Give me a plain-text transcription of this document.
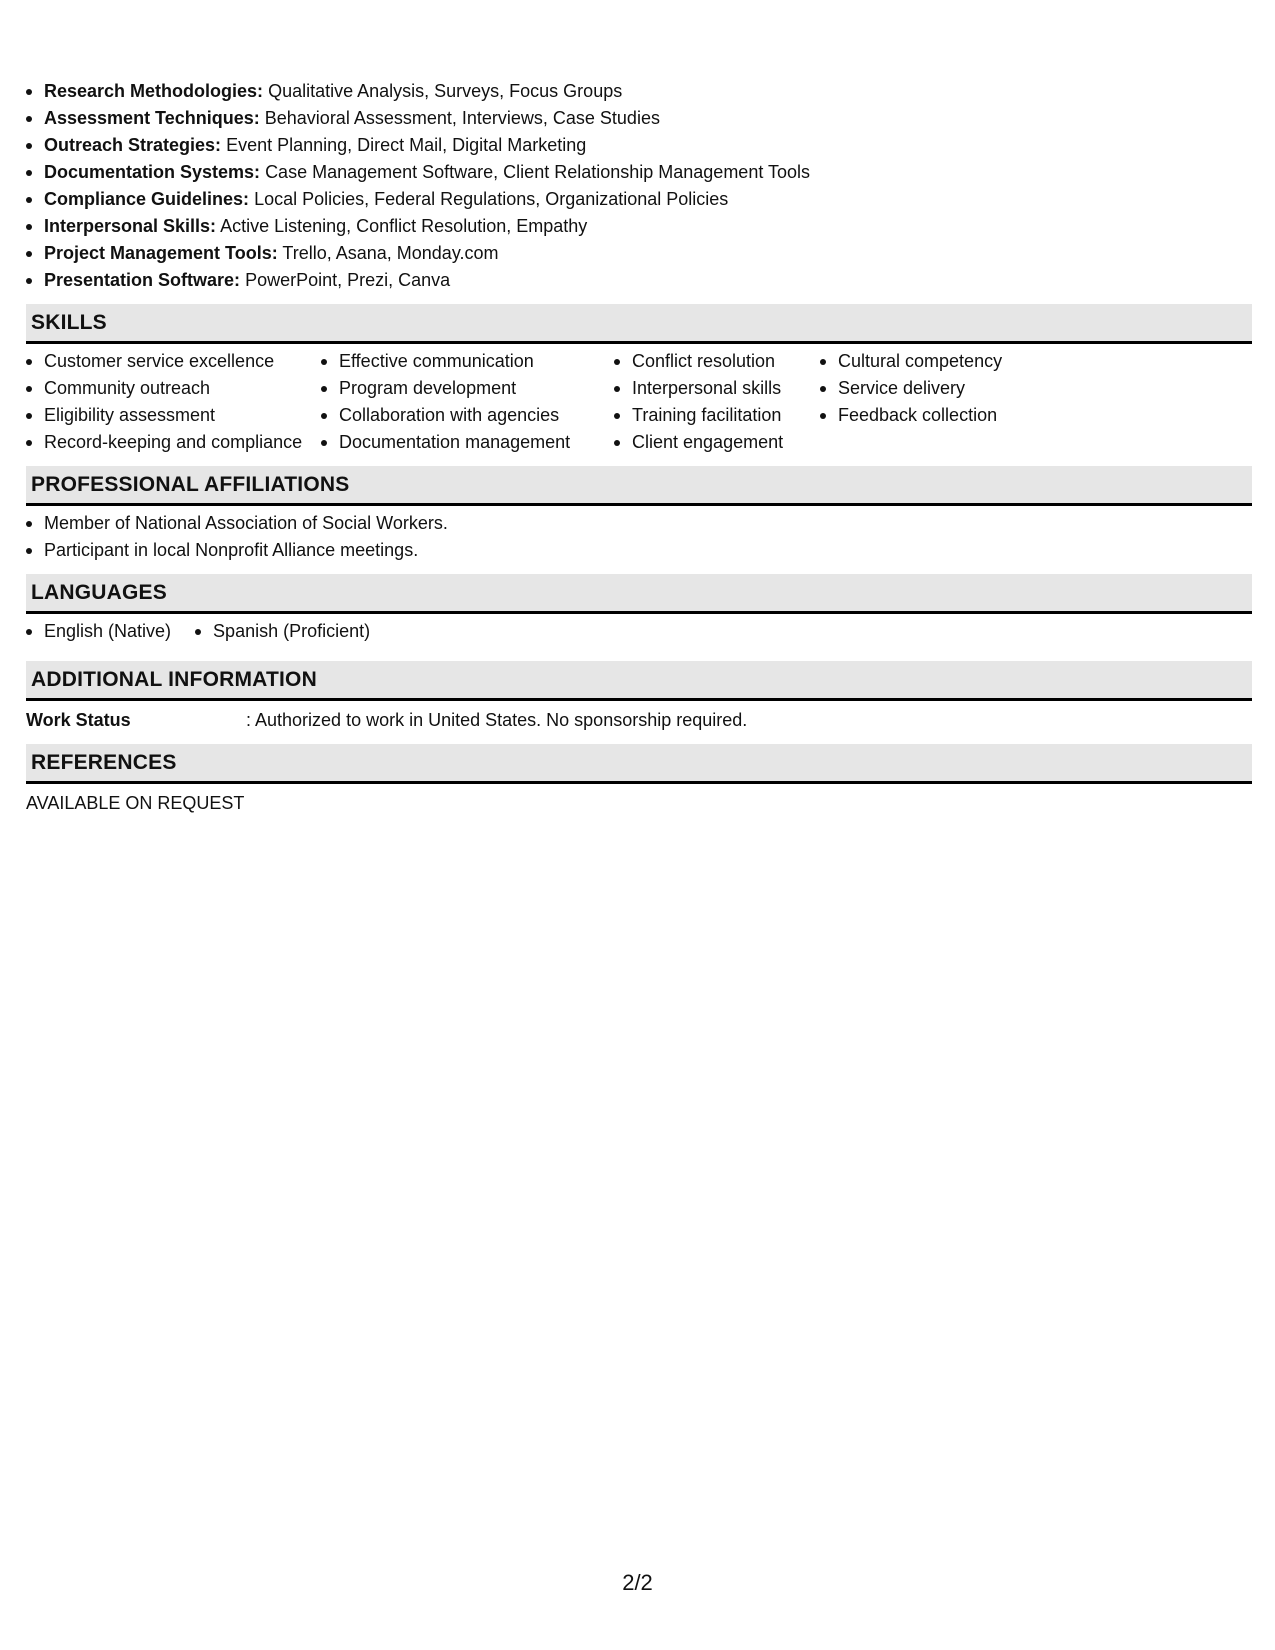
Research Methodologies: Qualitative Analysis, Surveys, Focus Groups
Assessment Techniques: Behavioral Assessment, Interviews, Case Studies
Outreach Strategies: Event Planning, Direct Mail, Digital Marketing
Documentation Systems: Case Management Software, Client Relationship Management Tools
Compliance Guidelines: Local Policies, Federal Regulations, Organizational Policies
Interpersonal Skills: Active Listening, Conflict Resolution, Empathy
Project Management Tools: Trello, Asana, Monday.com
Presentation Software: PowerPoint, Prezi, Canva
SKILLS
Customer service excellence
Community outreach
Eligibility assessment
Record-keeping and compliance
Effective communication
Program development
Collaboration with agencies
Documentation management
Conflict resolution
Interpersonal skills
Training facilitation
Client engagement
Cultural competency
Service delivery
Feedback collection
PROFESSIONAL AFFILIATIONS
Member of National Association of Social Workers.
Participant in local Nonprofit Alliance meetings.
LANGUAGES
English (Native)	Spanish (Proficient)
ADDITIONAL INFORMATION
Work Status	: Authorized to work in United States. No sponsorship required.
REFERENCES
AVAILABLE ON REQUEST
2/2
